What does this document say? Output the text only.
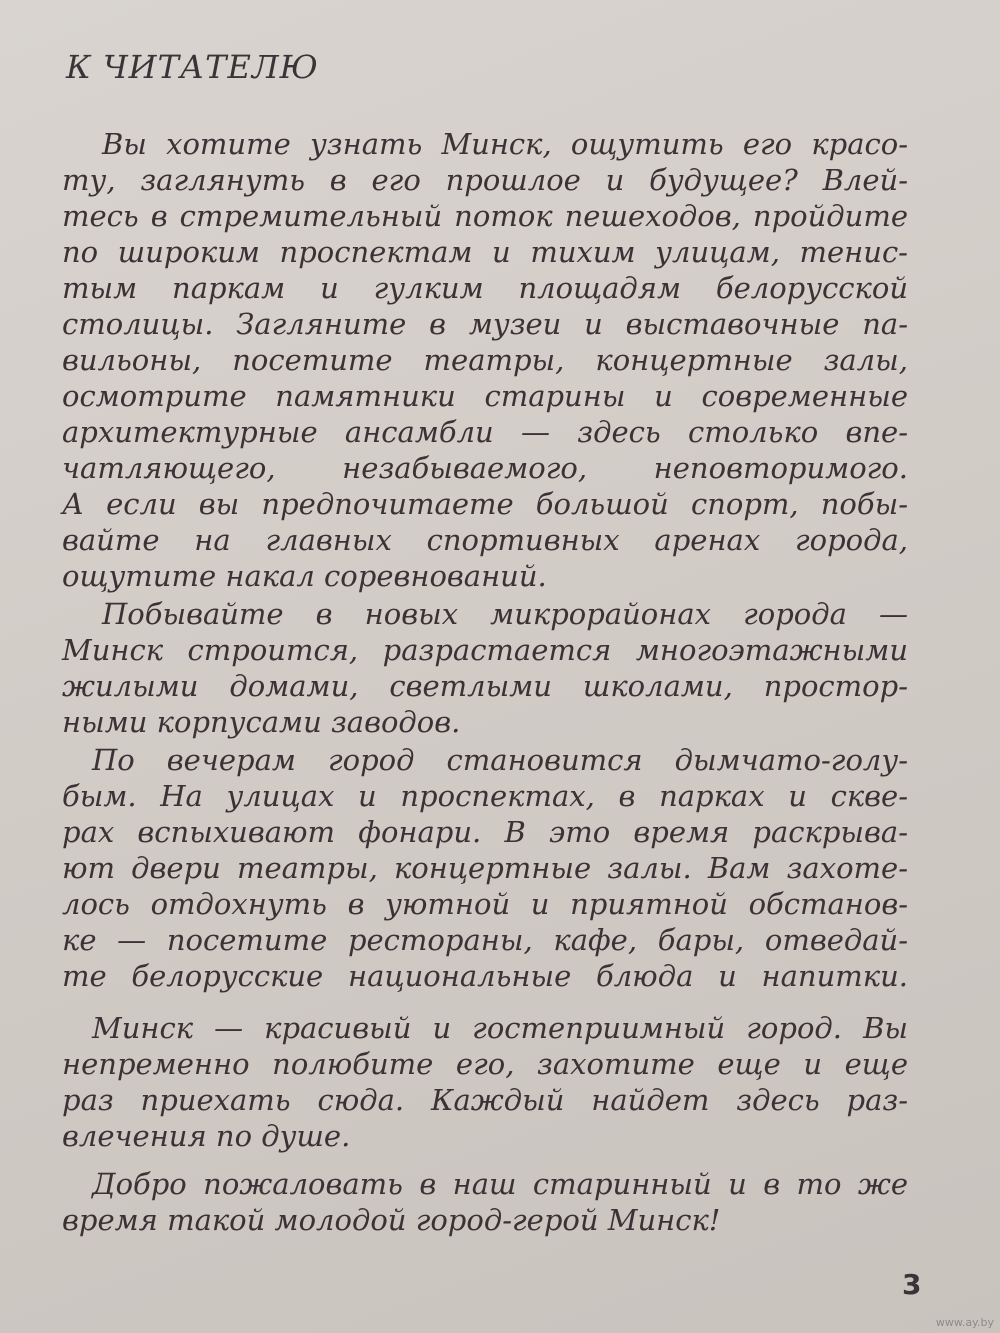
К ЧИТАТЕЛЮ

Вы хотите узнать Минск, ощутить его красо-

ту, заглянуть в его прошлое и будущее? Влей-

тесь в стремительный поток пешеходов, пройдите

по широким проспектам и тихим улицам, тенис-

тым паркам и гулким площадям белорусской

столицы. Загляните в музеи и выставочные па-

вильоны, посетите театры, концертные залы,

осмотрите памятники старины и современные

архитектурные ансамбли — здесь столько впе-

чатляющего, незабываемого, неповторимого.

А если вы предпочитаете большой спорт, побы-

вайте на главных спортивных аренах города,

ощутите накал соревнований.

Побывайте в новых микрорайонах города —

Минск строится, разрастается многоэтажными

жилыми домами, светлыми школами, простор-

ными корпусами заводов.

По вечерам город становится дымчато-голу-

бым. На улицах и проспектах, в парках и скве-

рах вспыхивают фонари. В это время раскрыва-

ют двери театры, концертные залы. Вам захоте-

лось отдохнуть в уютной и приятной обстанов-

ке — посетите рестораны, кафе, бары, отведай-

те белорусские национальные блюда и напитки.

Минск — красивый и гостеприимный город. Вы

непременно полюбите его, захотите еще и еще

раз приехать сюда. Каждый найдет здесь раз-

влечения по душе.

Добро пожаловать в наш старинный и в то же

время такой молодой город-герой Минск!

3

www.ay.by
